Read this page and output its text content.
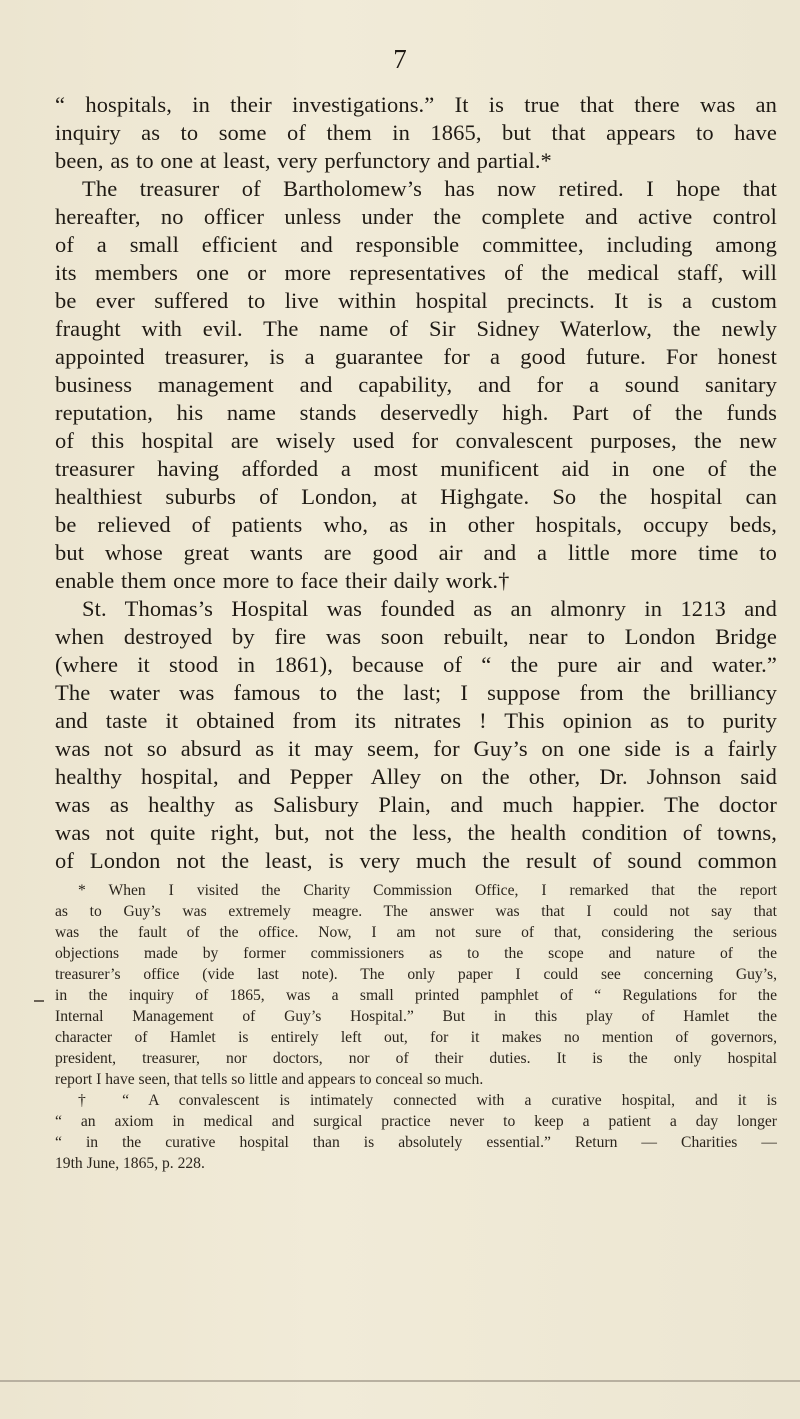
7
“ hospitals, in their investigations.” It is true that there was an
inquiry as to some of them in 1865, but that appears to have
been, as to one at least, very perfunctory and partial.*
The treasurer of Bartholomew’s has now retired. I hope that
hereafter, no officer unless under the complete and active control
of a small efficient and responsible committee, including among
its members one or more representatives of the medical staff, will
be ever suffered to live within hospital precincts. It is a custom
fraught with evil. The name of Sir Sidney Waterlow, the newly
appointed treasurer, is a guarantee for a good future. For honest
business management and capability, and for a sound sanitary
reputation, his name stands deservedly high. Part of the funds
of this hospital are wisely used for convalescent purposes, the new
treasurer having afforded a most munificent aid in one of the
healthiest suburbs of London, at Highgate. So the hospital can
be relieved of patients who, as in other hospitals, occupy beds,
but whose great wants are good air and a little more time to
enable them once more to face their daily work.†
St. Thomas’s Hospital was founded as an almonry in 1213 and
when destroyed by fire was soon rebuilt, near to London Bridge
(where it stood in 1861), because of “ the pure air and water.”
The water was famous to the last; I suppose from the brilliancy
and taste it obtained from its nitrates ! This opinion as to purity
was not so absurd as it may seem, for Guy’s on one side is a fairly
healthy hospital, and Pepper Alley on the other, Dr. Johnson said
was as healthy as Salisbury Plain, and much happier. The doctor
was not quite right, but, not the less, the health condition of towns,
of London not the least, is very much the result of sound common
* When I visited the Charity Commission Office, I remarked that the report
as to Guy’s was extremely meagre. The answer was that I could not say that
was the fault of the office. Now, I am not sure of that, considering the serious
objections made by former commissioners as to the scope and nature of the
treasurer’s office (vide last note). The only paper I could see concerning Guy’s,
in the inquiry of 1865, was a small printed pamphlet of “ Regulations for the
Internal Management of Guy’s Hospital.” But in this play of Hamlet the
character of Hamlet is entirely left out, for it makes no mention of governors,
president, treasurer, nor doctors, nor of their duties. It is the only hospital
report I have seen, that tells so little and appears to conceal so much.
† “ A convalescent is intimately connected with a curative hospital, and it is
“ an axiom in medical and surgical practice never to keep a patient a day longer
“ in the curative hospital than is absolutely essential.” Return — Charities —
19th June, 1865, p. 228.
